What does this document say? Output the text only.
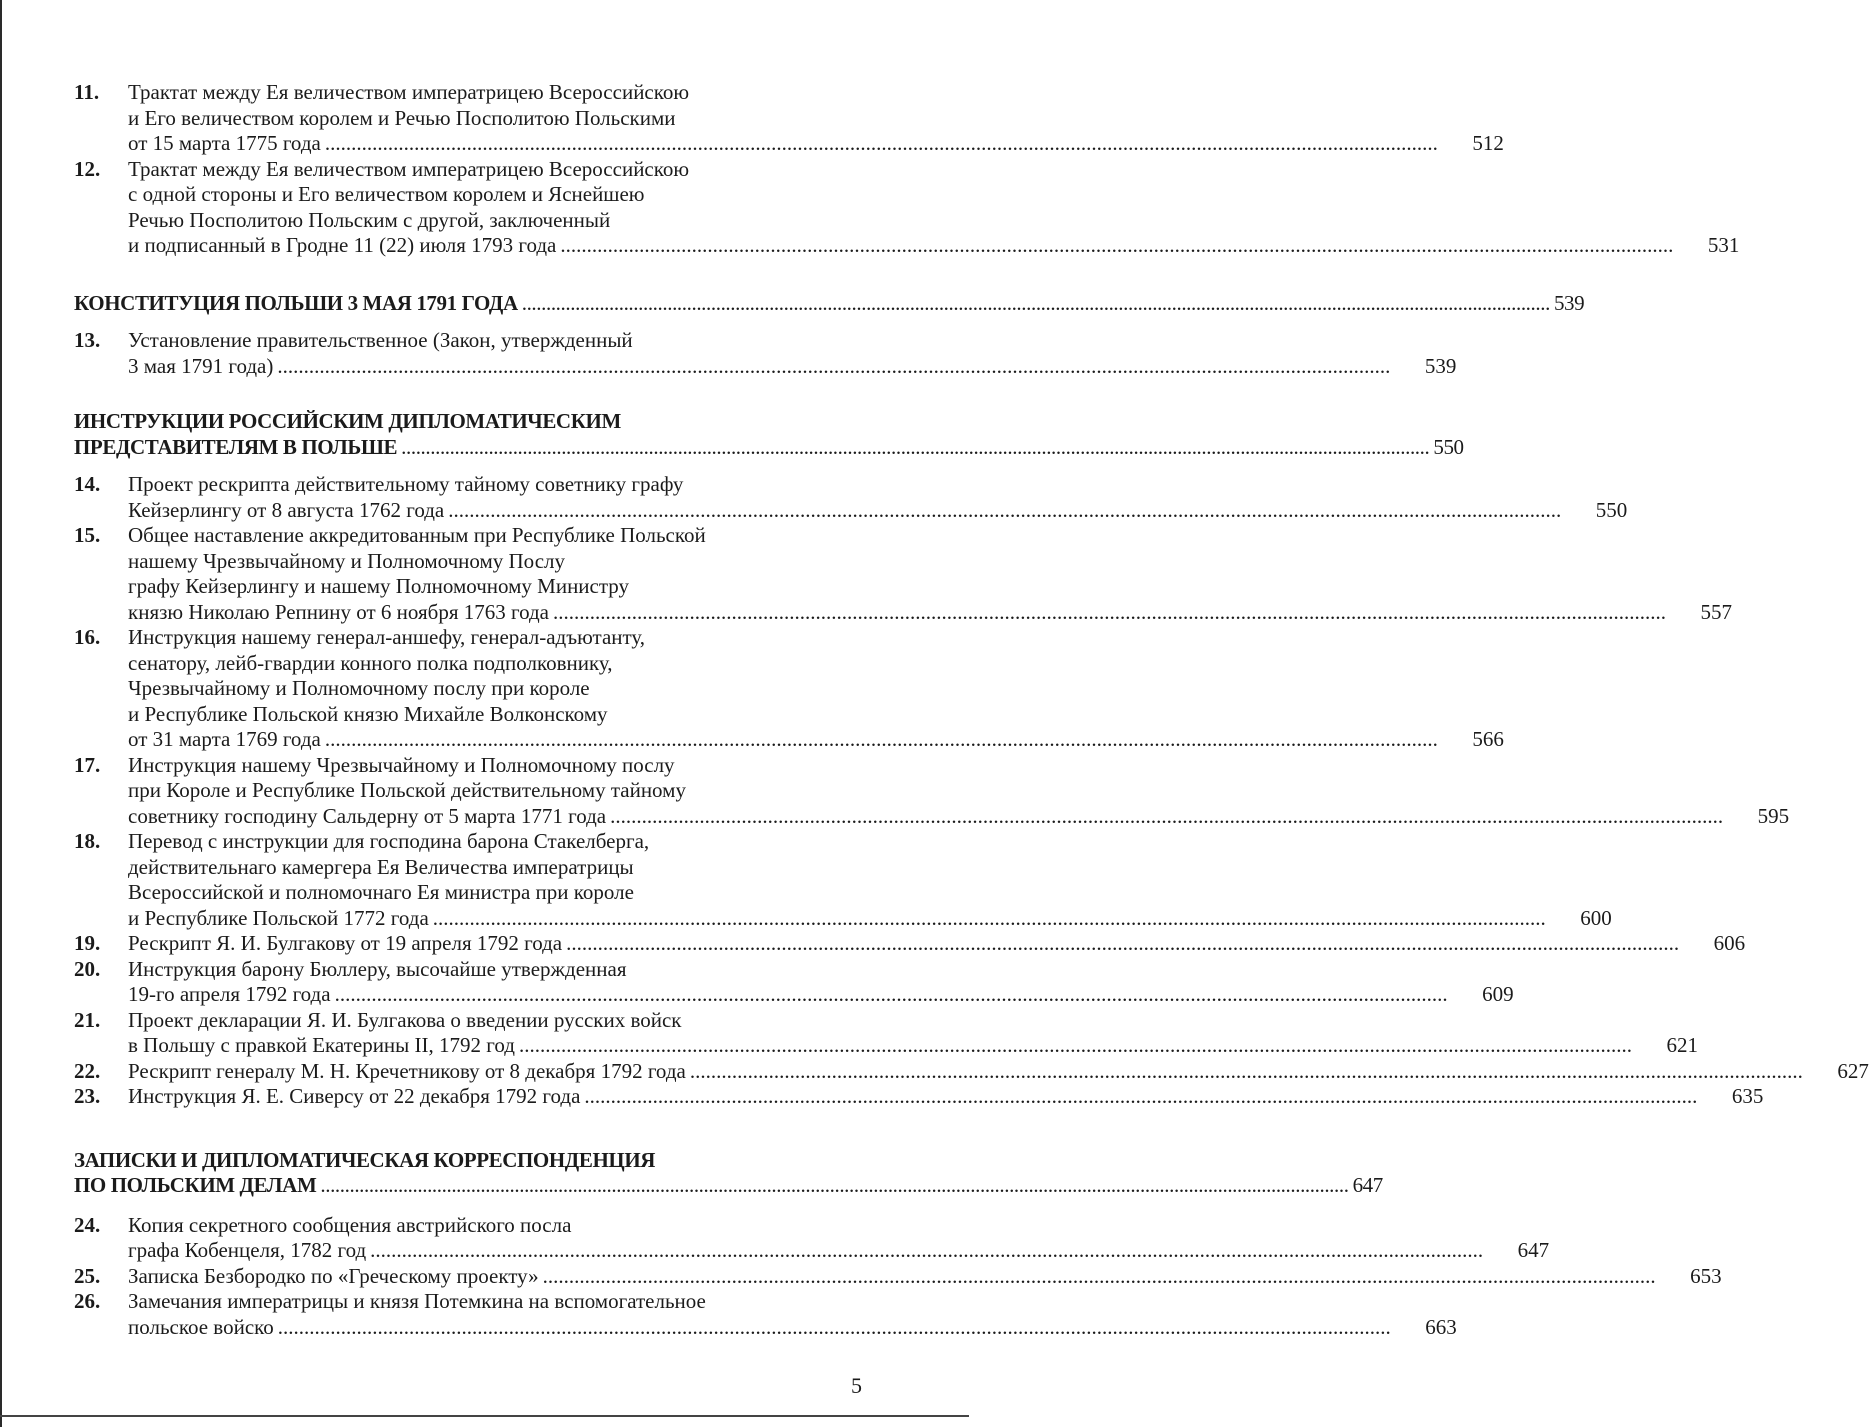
11.	Трактат между Ея величеством императрицею Всероссийскою
и Его величеством королем и Речью Посполитою Польскими
от 15 марта 1775 года .....	512
12.	Трактат между Ея величеством императрицею Всероссийскою
с одной стороны и Его величеством королем и Яснейшею
Речью Посполитою Польским с другой, заключенный
и подписанный в Гродне 11 (22) июля 1793 года .....	531
КОНСТИТУЦИЯ ПОЛЬШИ 3 МАЯ 1791 ГОДА .....	539
13.	Установление правительственное (Закон, утвержденный
3 мая 1791 года) .....	539
ИНСТРУКЦИИ РОССИЙСКИМ ДИПЛОМАТИЧЕСКИМ
ПРЕДСТАВИТЕЛЯМ В ПОЛЬШЕ .....	550
14.	Проект рескрипта действительному тайному советнику графу
Кейзерлингу от 8 августа 1762 года .....	550
15.	Общее наставление аккредитованным при Республике Польской
нашему Чрезвычайному и Полномочному Послу
графу Кейзерлингу и нашему Полномочному Министру
князю Николаю Репнину от 6 ноября 1763 года .....	557
16.	Инструкция нашему генерал-аншефу, генерал-адъютанту,
сенатору, лейб-гвардии конного полка подполковнику,
Чрезвычайному и Полномочному послу при короле
и Республике Польской князю Михайле Волконскому
от 31 марта 1769 года .....	566
17.	Инструкция нашему Чрезвычайному и Полномочному послу
при Короле и Республике Польской действительному тайному
советнику господину Сальдерну от 5 марта 1771 года .....	595
18.	Перевод с инструкции для господина барона Стакелберга,
действительнаго камергера Ея Величества императрицы
Всероссийской и полномочнаго Ея министра при короле
и Республике Польской 1772 года .....	600
19.	Рескрипт Я. И. Булгакову от 19 апреля 1792 года .....	606
20.	Инструкция барону Бюллеру, высочайше утвержденная
19-го апреля 1792 года .....	609
21.	Проект декларации Я. И. Булгакова о введении русских войск
в Польшу с правкой Екатерины II, 1792 год .....	621
22.	Рескрипт генералу М. Н. Кречетникову от 8 декабря 1792 года .....	627
23.	Инструкция Я. Е. Сиверсу от 22 декабря 1792 года .....	635
ЗАПИСКИ И ДИПЛОМАТИЧЕСКАЯ КОРРЕСПОНДЕНЦИЯ
ПО ПОЛЬСКИМ ДЕЛАМ .....	647
24.	Копия секретного сообщения австрийского посла
графа Кобенцеля, 1782 год .....	647
25.	Записка Безбородко по «Греческому проекту» .....	653
26.	Замечания императрицы и князя Потемкина на вспомогательное
польское войско .....	663
5
